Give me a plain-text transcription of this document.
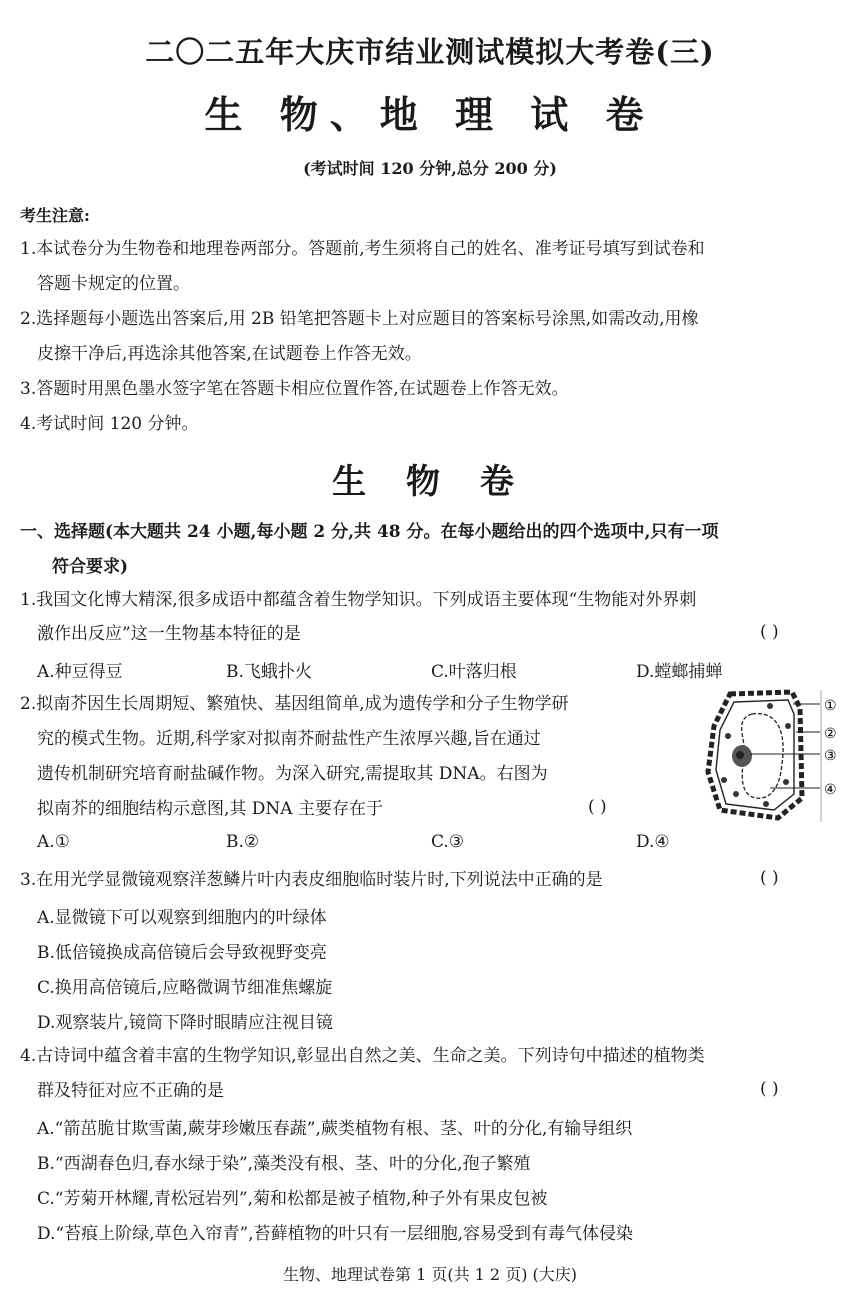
二〇二五年大庆市结业测试模拟大考卷(三)
生 物、地 理 试 卷
(考试时间 120 分钟,总分 200 分)
考生注意:
1.本试卷分为生物卷和地理卷两部分。答题前,考生须将自己的姓名、准考证号填写到试卷和
答题卡规定的位置。
2.选择题每小题选出答案后,用 2B 铅笔把答题卡上对应题目的答案标号涂黑,如需改动,用橡
皮擦干净后,再选涂其他答案,在试题卷上作答无效。
3.答题时用黑色墨水签字笔在答题卡相应位置作答,在试题卷上作答无效。
4.考试时间 120 分钟。
生 物 卷
一、选择题(本大题共 24 小题,每小题 2 分,共 48 分。在每小题给出的四个选项中,只有一项
符合要求)
1.我国文化博大精深,很多成语中都蕴含着生物学知识。下列成语主要体现“生物能对外界刺
激作出反应”这一生物基本特征的是	( )
A.种豆得豆	B.飞蛾扑火	C.叶落归根	D.螳螂捕蝉
2.拟南芥因生长周期短、繁殖快、基因组简单,成为遗传学和分子生物学研
究的模式生物。近期,科学家对拟南芥耐盐性产生浓厚兴趣,旨在通过
遗传机制研究培育耐盐碱作物。为深入研究,需提取其 DNA。右图为
拟南芥的细胞结构示意图,其 DNA 主要存在于	( )
A.①	B.②	C.③	D.④
①
②
③
④
3.在用光学显微镜观察洋葱鳞片叶内表皮细胞临时装片时,下列说法中正确的是	( )
A.显微镜下可以观察到细胞内的叶绿体
B.低倍镜换成高倍镜后会导致视野变亮
C.换用高倍镜后,应略微调节细准焦螺旋
D.观察装片,镜筒下降时眼睛应注视目镜
4.古诗词中蕴含着丰富的生物学知识,彰显出自然之美、生命之美。下列诗句中描述的植物类
群及特征对应不正确的是	( )
A.“箭茁脆甘欺雪菌,蕨芽珍嫩压春蔬”,蕨类植物有根、茎、叶的分化,有输导组织
B.“西湖春色归,春水绿于染”,藻类没有根、茎、叶的分化,孢子繁殖
C.“芳菊开林耀,青松冠岩列”,菊和松都是被子植物,种子外有果皮包被
D.“苔痕上阶绿,草色入帘青”,苔藓植物的叶只有一层细胞,容易受到有毒气体侵染
生物、地理试卷第 1 页(共 1 2 页) (大庆)
